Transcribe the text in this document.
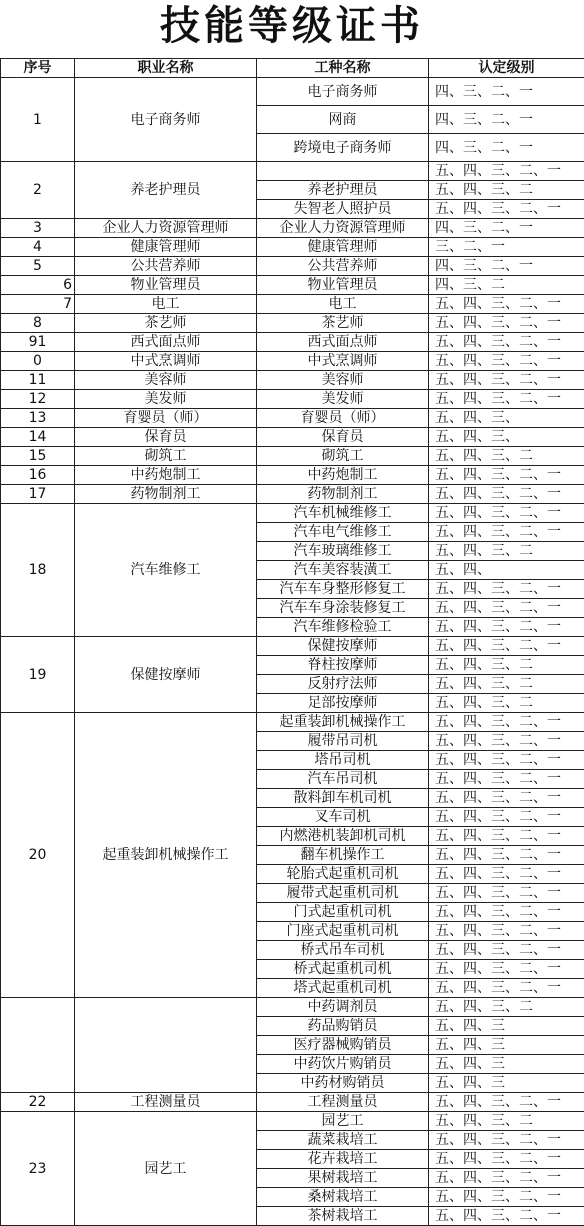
技能等级证书
序号	职业名称	工种名称	认定级别
1	电子商务师	电子商务师	四、三、二、一
		网商	四、三、二、一
		跨境电子商务师	四、三、二、一
2	养老护理员		五、四、三、二、一
		养老护理员	五、四、三、二
		失智老人照护员	五、四、三、二、一
3	企业人力资源管理师	企业人力资源管理师	四、三、二、一
4	健康管理师	健康管理师	三、二、一
5	公共营养师	公共营养师	四、三、二、一
6	物业管理员	物业管理员	四、三、二
7	电工	电工	五、四、三、二、一
8	茶艺师	茶艺师	五、四、三、二、一
91	西式面点师	西式面点师	五、四、三、二、一
0	中式烹调师	中式烹调师	五、四、三、二、一
11	美容师	美容师	五、四、三、二、一
12	美发师	美发师	五、四、三、二、一
13	育婴员（师）	育婴员（师）	五、四、三、
14	保育员	保育员	五、四、三、
15	砌筑工	砌筑工	五、四、三、二
16	中药炮制工	中药炮制工	五、四、三、二、一
17	药物制剂工	药物制剂工	五、四、三、二、一
18	汽车维修工	汽车机械维修工	五、四、三、二、一
		汽车电气维修工	五、四、三、二、一
		汽车玻璃维修工	五、四、三、二
		汽车美容装潢工	五、四、
		汽车车身整形修复工	五、四、三、二、一
		汽车车身涂装修复工	五、四、三、二、一
		汽车维修检验工	五、四、三、二、一
19	保健按摩师	保健按摩师	五、四、三、二、一
		脊柱按摩师	五、四、三、二
		反射疗法师	五、四、三、二
		足部按摩师	五、四、三、二
20	起重装卸机械操作工	起重装卸机械操作工	五、四、三、二、一
		履带吊司机	五、四、三、二、一
		塔吊司机	五、四、三、二、一
		汽车吊司机	五、四、三、二、一
		散料卸车机司机	五、四、三、二、一
		叉车司机	五、四、三、二、一
		内燃港机装卸机司机	五、四、三、二、一
		翻车机操作工	五、四、三、二、一
		轮胎式起重机司机	五、四、三、二、一
		履带式起重机司机	五、四、三、二、一
		门式起重机司机	五、四、三、二、一
		门座式起重机司机	五、四、三、二、一
		桥式吊车司机	五、四、三、二、一
		桥式起重机司机	五、四、三、二、一
		塔式起重机司机	五、四、三、二、一
		中药调剂员	五、四、三、二
		药品购销员	五、四、三
		医疗器械购销员	五、四、三
		中药饮片购销员	五、四、三
		中药材购销员	五、四、三
22	工程测量员	工程测量员	五、四、三、二、一
23	园艺工	园艺工	五、四、三、二
		蔬菜栽培工	五、四、三、二、一
		花卉栽培工	五、四、三、二、一
		果树栽培工	五、四、三、二、一
		桑树栽培工	五、四、三、二、一
		茶树栽培工	五、四、三、二、一
